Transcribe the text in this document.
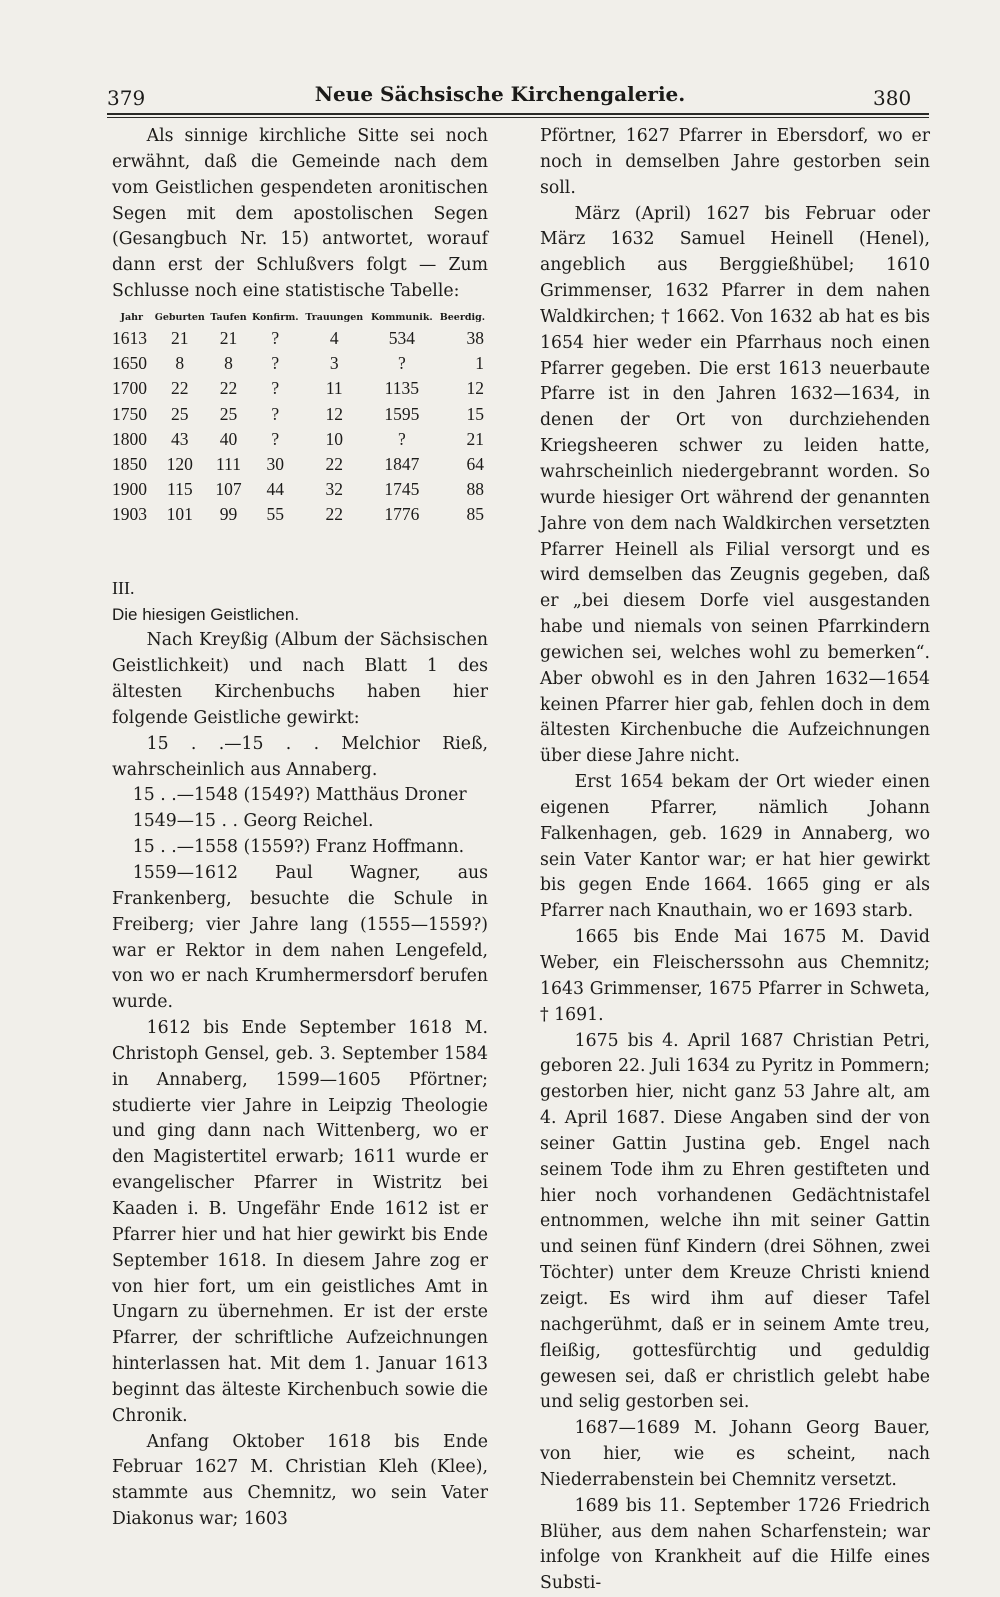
379	Neue Sächsische Kirchengalerie.	380

Als sinnige kirchliche Sitte sei noch erwähnt, daß die Gemeinde nach dem vom Geistlichen gespendeten aronitischen Segen mit dem apostolischen Segen (Gesangbuch Nr. 15) antwortet, worauf dann erst der Schlußvers folgt — Zum Schlusse noch eine statistische Tabelle:

Jahr	Geburten	Taufen	Konfirm.	Trauungen	Kommunik.	Beerdig.
1613	21	21	?	4	534	38
1650	8	8	?	3	?	1
1700	22	22	?	11	1135	12
1750	25	25	?	12	1595	15
1800	43	40	?	10	?	21
1850	120	111	30	22	1847	64
1900	115	107	44	32	1745	88
1903	101	99	55	22	1776	85

III.

Die hiesigen Geistlichen.

Nach Kreyßig (Album der Sächsischen Geistlichkeit) und nach Blatt 1 des ältesten Kirchenbuchs haben hier folgende Geistliche gewirkt:

15 . .—15 . . Melchior Rieß, wahrscheinlich aus Annaberg.

15 . .—1548 (1549?) Matthäus Droner

1549—15 . . Georg Reichel.

15 . .—1558 (1559?) Franz Hoffmann.

1559—1612 Paul Wagner, aus Frankenberg, besuchte die Schule in Freiberg; vier Jahre lang (1555—1559?) war er Rektor in dem nahen Lengefeld, von wo er nach Krumhermersdorf berufen wurde.

1612 bis Ende September 1618 M. Christoph Gensel, geb. 3. September 1584 in Annaberg, 1599—1605 Pförtner; studierte vier Jahre in Leipzig Theologie und ging dann nach Wittenberg, wo er den Magistertitel erwarb; 1611 wurde er evangelischer Pfarrer in Wistritz bei Kaaden i. B. Ungefähr Ende 1612 ist er Pfarrer hier und hat hier gewirkt bis Ende September 1618. In diesem Jahre zog er von hier fort, um ein geistliches Amt in Ungarn zu übernehmen. Er ist der erste Pfarrer, der schriftliche Aufzeichnungen hinterlassen hat. Mit dem 1. Januar 1613 beginnt das älteste Kirchenbuch sowie die Chronik.

Anfang Oktober 1618 bis Ende Februar 1627 M. Christian Kleh (Klee), stammte aus Chemnitz, wo sein Vater Diakonus war; 1603

Pförtner, 1627 Pfarrer in Ebersdorf, wo er noch in demselben Jahre gestorben sein soll.

März (April) 1627 bis Februar oder März 1632 Samuel Heinell (Henel), angeblich aus Berggießhübel; 1610 Grimmenser, 1632 Pfarrer in dem nahen Waldkirchen; † 1662. Von 1632 ab hat es bis 1654 hier weder ein Pfarrhaus noch einen Pfarrer gegeben. Die erst 1613 neuerbaute Pfarre ist in den Jahren 1632—1634, in denen der Ort von durchziehenden Kriegsheeren schwer zu leiden hatte, wahrscheinlich niedergebrannt worden. So wurde hiesiger Ort während der genannten Jahre von dem nach Waldkirchen versetzten Pfarrer Heinell als Filial versorgt und es wird demselben das Zeugnis gegeben, daß er „bei diesem Dorfe viel ausgestanden habe und niemals von seinen Pfarrkindern gewichen sei, welches wohl zu bemerken“. Aber obwohl es in den Jahren 1632—1654 keinen Pfarrer hier gab, fehlen doch in dem ältesten Kirchenbuche die Aufzeichnungen über diese Jahre nicht.

Erst 1654 bekam der Ort wieder einen eigenen Pfarrer, nämlich Johann Falkenhagen, geb. 1629 in Annaberg, wo sein Vater Kantor war; er hat hier gewirkt bis gegen Ende 1664. 1665 ging er als Pfarrer nach Knauthain, wo er 1693 starb.

1665 bis Ende Mai 1675 M. David Weber, ein Fleischerssohn aus Chemnitz; 1643 Grimmenser, 1675 Pfarrer in Schweta, † 1691.

1675 bis 4. April 1687 Christian Petri, geboren 22. Juli 1634 zu Pyritz in Pommern; gestorben hier, nicht ganz 53 Jahre alt, am 4. April 1687. Diese Angaben sind der von seiner Gattin Justina geb. Engel nach seinem Tode ihm zu Ehren gestifteten und hier noch vorhandenen Gedächtnistafel entnommen, welche ihn mit seiner Gattin und seinen fünf Kindern (drei Söhnen, zwei Töchter) unter dem Kreuze Christi kniend zeigt. Es wird ihm auf dieser Tafel nachgerühmt, daß er in seinem Amte treu, fleißig, gottesfürchtig und geduldig gewesen sei, daß er christlich gelebt habe und selig gestorben sei.

1687—1689 M. Johann Georg Bauer, von hier, wie es scheint, nach Niederrabenstein bei Chemnitz versetzt.

1689 bis 11. September 1726 Friedrich Blüher, aus dem nahen Scharfenstein; war infolge von Krankheit auf die Hilfe eines Substi-
